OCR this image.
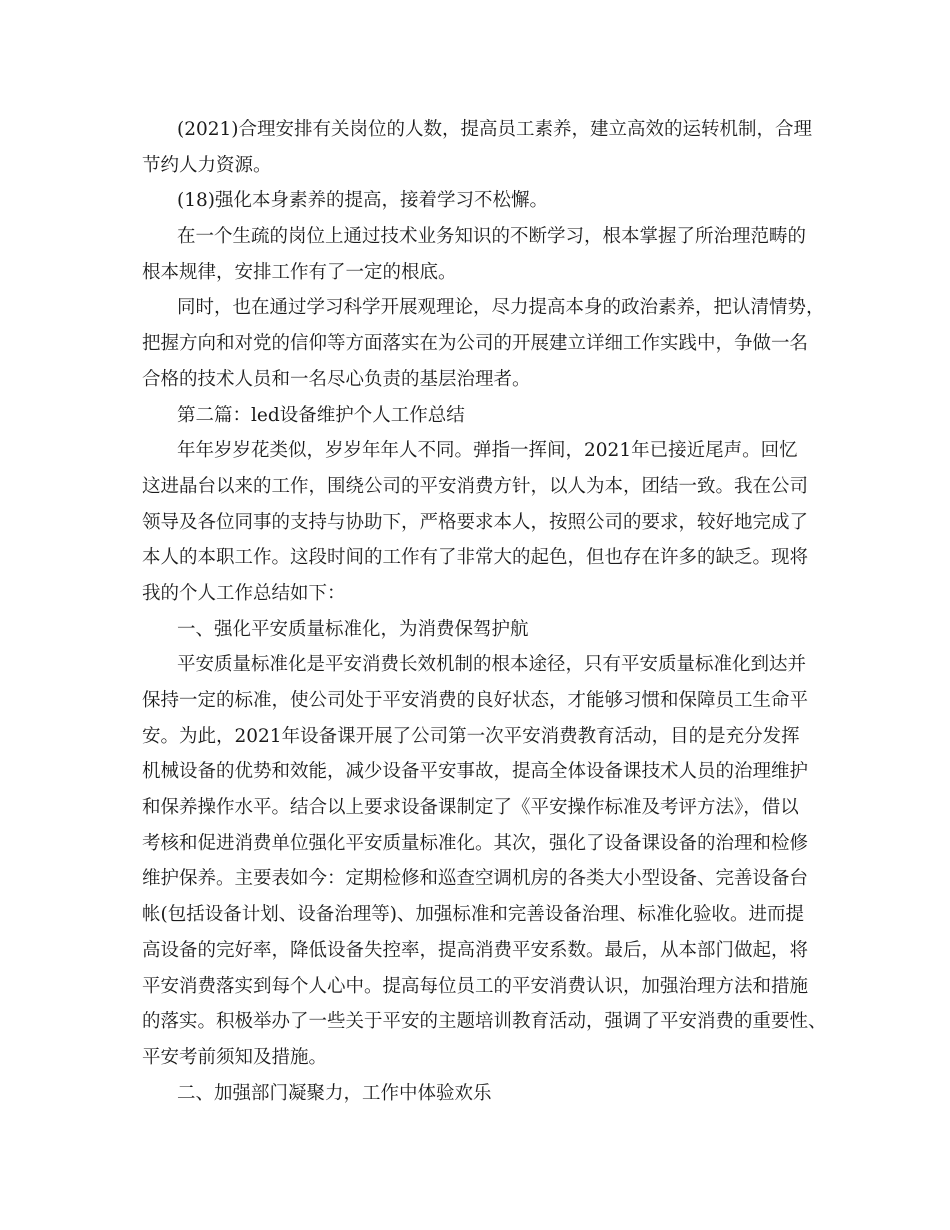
(2021)合理安排有关岗位的人数，提高员工素养，建立高效的运转机制，合理
节约人力资源。
(18)强化本身素养的提高，接着学习不松懈。
在一个生疏的岗位上通过技术业务知识的不断学习，根本掌握了所治理范畴的
根本规律，安排工作有了一定的根底。
同时，也在通过学习科学开展观理论，尽力提高本身的政治素养，把认清情势，
把握方向和对党的信仰等方面落实在为公司的开展建立详细工作实践中，争做一名
合格的技术人员和一名尽心负责的基层治理者。
第二篇：led设备维护个人工作总结
年年岁岁花类似，岁岁年年人不同。弹指一挥间，2021年已接近尾声。回忆
这进晶台以来的工作，围绕公司的平安消费方针，以人为本，团结一致。我在公司
领导及各位同事的支持与协助下，严格要求本人，按照公司的要求，较好地完成了
本人的本职工作。这段时间的工作有了非常大的起色，但也存在许多的缺乏。现将
我的个人工作总结如下：
一、强化平安质量标准化，为消费保驾护航
平安质量标准化是平安消费长效机制的根本途径，只有平安质量标准化到达并
保持一定的标准，使公司处于平安消费的良好状态，才能够习惯和保障员工生命平
安。为此，2021年设备课开展了公司第一次平安消费教育活动，目的是充分发挥
机械设备的优势和效能，减少设备平安事故，提高全体设备课技术人员的治理维护
和保养操作水平。结合以上要求设备课制定了《平安操作标准及考评方法》，借以
考核和促进消费单位强化平安质量标准化。其次，强化了设备课设备的治理和检修
维护保养。主要表如今：定期检修和巡查空调机房的各类大小型设备、完善设备台
帐(包括设备计划、设备治理等)、加强标准和完善设备治理、标准化验收。进而提
高设备的完好率，降低设备失控率，提高消费平安系数。最后，从本部门做起，将
平安消费落实到每个人心中。提高每位员工的平安消费认识，加强治理方法和措施
的落实。积极举办了一些关于平安的主题培训教育活动，强调了平安消费的重要性、
平安考前须知及措施。
二、加强部门凝聚力，工作中体验欢乐
